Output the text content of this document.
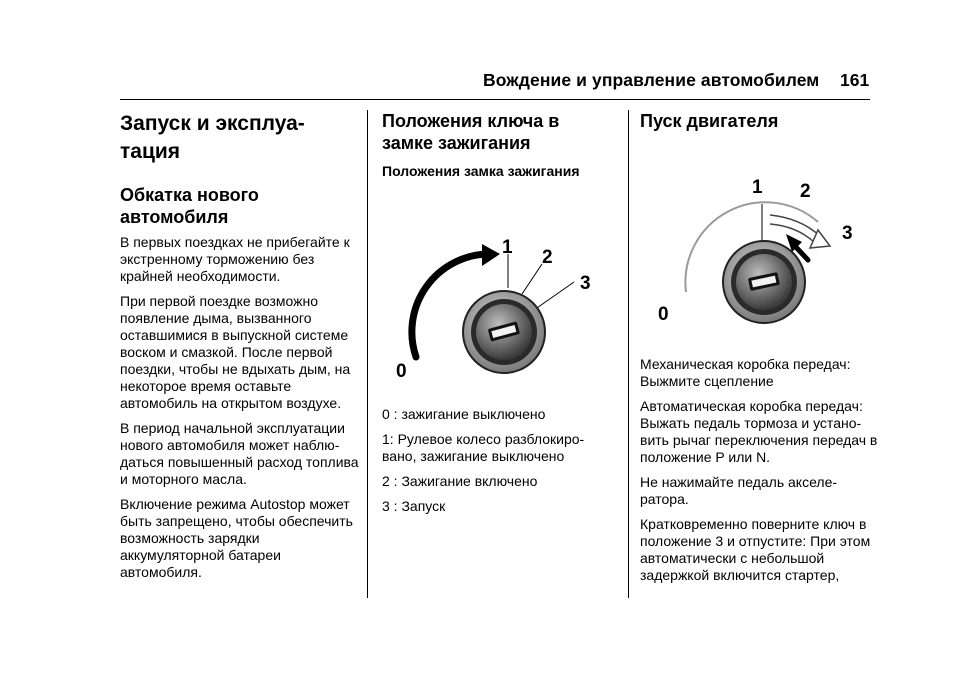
Вождение и управление автомобилем 161
Запуск и эксплуатация
Обкатка нового автомобиля

В первых поездках не прибегайте к экстренному торможению без крайней необходимости.

При первой поездке возможно появление дыма, вызванного оставшимися в выпускной системе воском и смазкой. После первой поездки, чтобы не вдыхать дым, на некоторое время оставьте автомобиль на открытом воздухе.

В период начальной эксплуатации нового автомобиля может наблюдаться повышенный расход топлива и моторного масла.

Включение режима Autostop может быть запрещено, чтобы обеспечить возможность зарядки аккумуляторной батареи автомобиля.

Положения ключа в замке зажигания
Положения замка зажигания
1 2
3
0

0 : зажигание выключено

1: Рулевое колесо разблокировано, зажигание выключено

2 : Зажигание включено

3 : Запуск

Пуск двигателя
1 2
3
0

Механическая коробка передач: Выжмите сцепление

Автоматическая коробка передач: Выжать педаль тормоза и установить рычаг переключения передач в положение P или N.

Не нажимайте педаль акселератора.

Кратковременно поверните ключ в положение 3 и отпустите: При этом автоматически с небольшой задержкой включится стартер,
